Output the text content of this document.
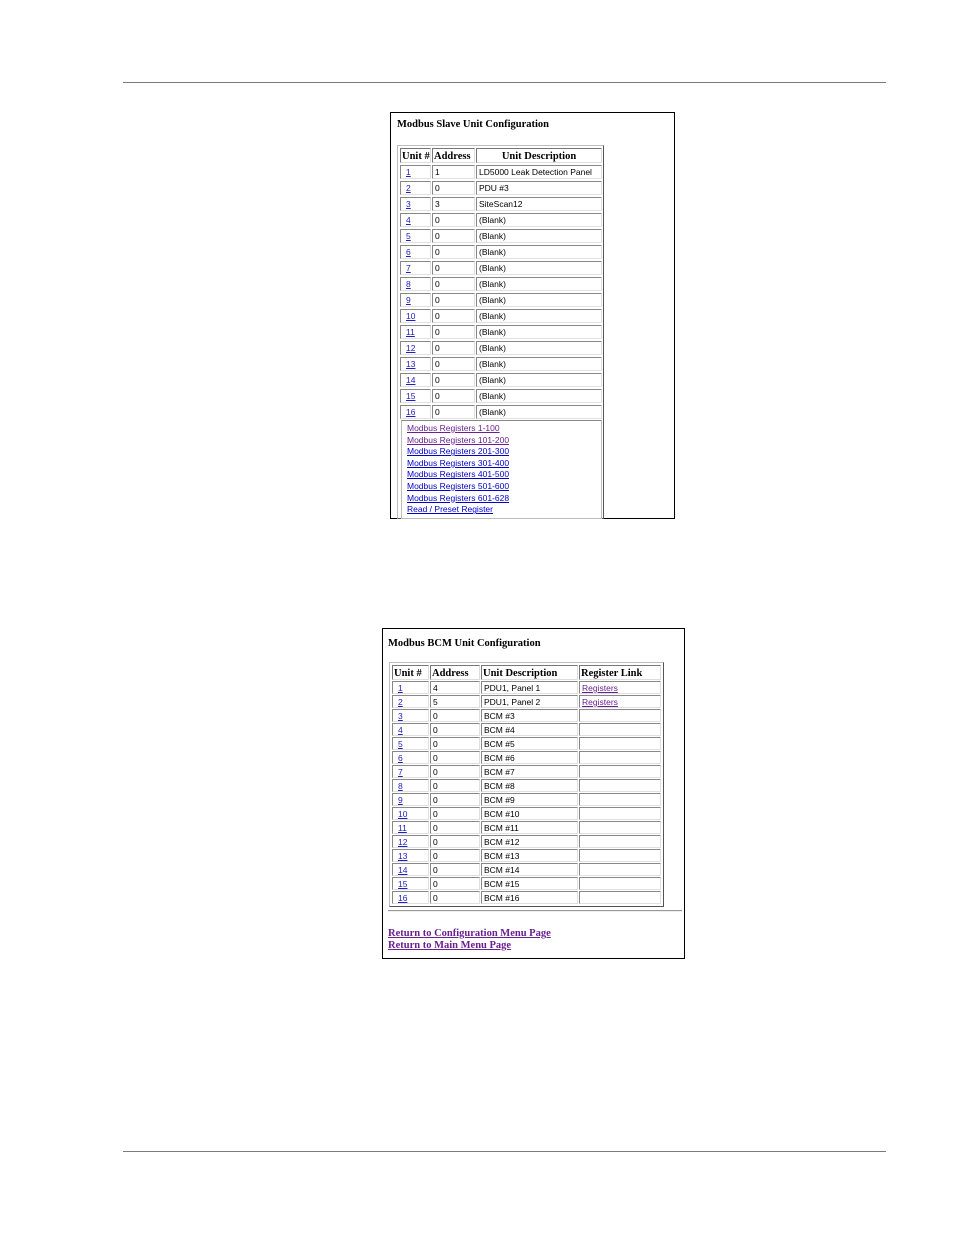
Modbus Slave Unit Configuration
Unit # Address	Unit Description
1	1	LD5000 Leak Detection Panel
2	0	PDU #3
3	3	SiteScan12
4	0	(Blank)
5	0	(Blank)
6	0	(Blank)
7	0	(Blank)
8	0	(Blank)
9	0	(Blank)
10	0	(Blank)
11	0	(Blank)
12	0	(Blank)
13	0	(Blank)
14	0	(Blank)
15	0	(Blank)
16	0	(Blank)
Modbus Registers 1-100
Modbus Registers 101-200
Modbus Registers 201-300
Modbus Registers 301-400
Modbus Registers 401-500
Modbus Registers 501-600
Modbus Registers 601-628
Read / Preset Register
Modbus BCM Unit Configuration
Unit # Address	Unit Description	Register Link
1	4	PDU1, Panel 1	Registers
2	5	PDU1, Panel 2	Registers
3	0	BCM #3
4	0	BCM #4
5	0	BCM #5
6	0	BCM #6
7	0	BCM #7
8	0	BCM #8
9	0	BCM #9
10	0	BCM #10
11	0	BCM #11
12	0	BCM #12
13	0	BCM #13
14	0	BCM #14
15	0	BCM #15
16	0	BCM #16
Return to Configuration Menu Page
Return to Main Menu Page
